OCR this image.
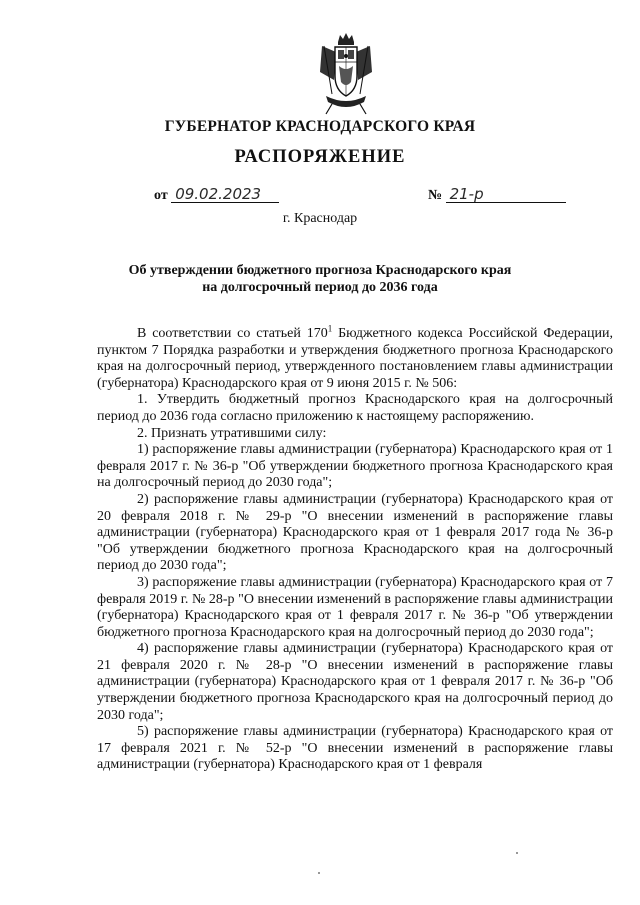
ГУБЕРНАТОР КРАСНОДАРСКОГО КРАЯ
РАСПОРЯЖЕНИЕ
от 09.02.2023	№ 21-р
г. Краснодар
Об утверждении бюджетного прогноза Краснодарского края
на долгосрочный период до 2036 года

В соответствии со статьей $170^1$ Бюджетного кодекса Российской Федерации, пунктом 7 Порядка разработки и утверждения бюджетного прогноза Краснодарского края на долгосрочный период, утвержденного постановлением главы администрации (губернатора) Краснодарского края от 9 июня 2015 г. № 506:

1. Утвердить бюджетный прогноз Краснодарского края на долгосрочный период до 2036 года согласно приложению к настоящему распоряжению.

2. Признать утратившими силу:

1) распоряжение главы администрации (губернатора) Краснодарского края от 1 февраля 2017 г. № 36-р "Об утверждении бюджетного прогноза Краснодарского края на долгосрочный период до 2030 года";

2) распоряжение главы администрации (губернатора) Краснодарского края от 20 февраля 2018 г. № 29-р "О внесении изменений в распоряжение главы администрации (губернатора) Краснодарского края от 1 февраля 2017 года № 36-р "Об утверждении бюджетного прогноза Краснодарского края на долгосрочный период до 2030 года";

3) распоряжение главы администрации (губернатора) Краснодарского края от 7 февраля 2019 г. № 28-р "О внесении изменений в распоряжение главы администрации (губернатора) Краснодарского края от 1 февраля 2017 г. № 36-р "Об утверждении бюджетного прогноза Краснодарского края на долгосрочный период до 2030 года";

4) распоряжение главы администрации (губернатора) Краснодарского края от 21 февраля 2020 г. № 28-р "О внесении изменений в распоряжение главы администрации (губернатора) Краснодарского края от 1 февраля 2017 г. № 36-р "Об утверждении бюджетного прогноза Краснодарского края на долгосрочный период до 2030 года";

5) распоряжение главы администрации (губернатора) Краснодарского края от 17 февраля 2021 г. № 52-р "О внесении изменений в распоряжение главы администрации (губернатора) Краснодарского края от 1 февраля
